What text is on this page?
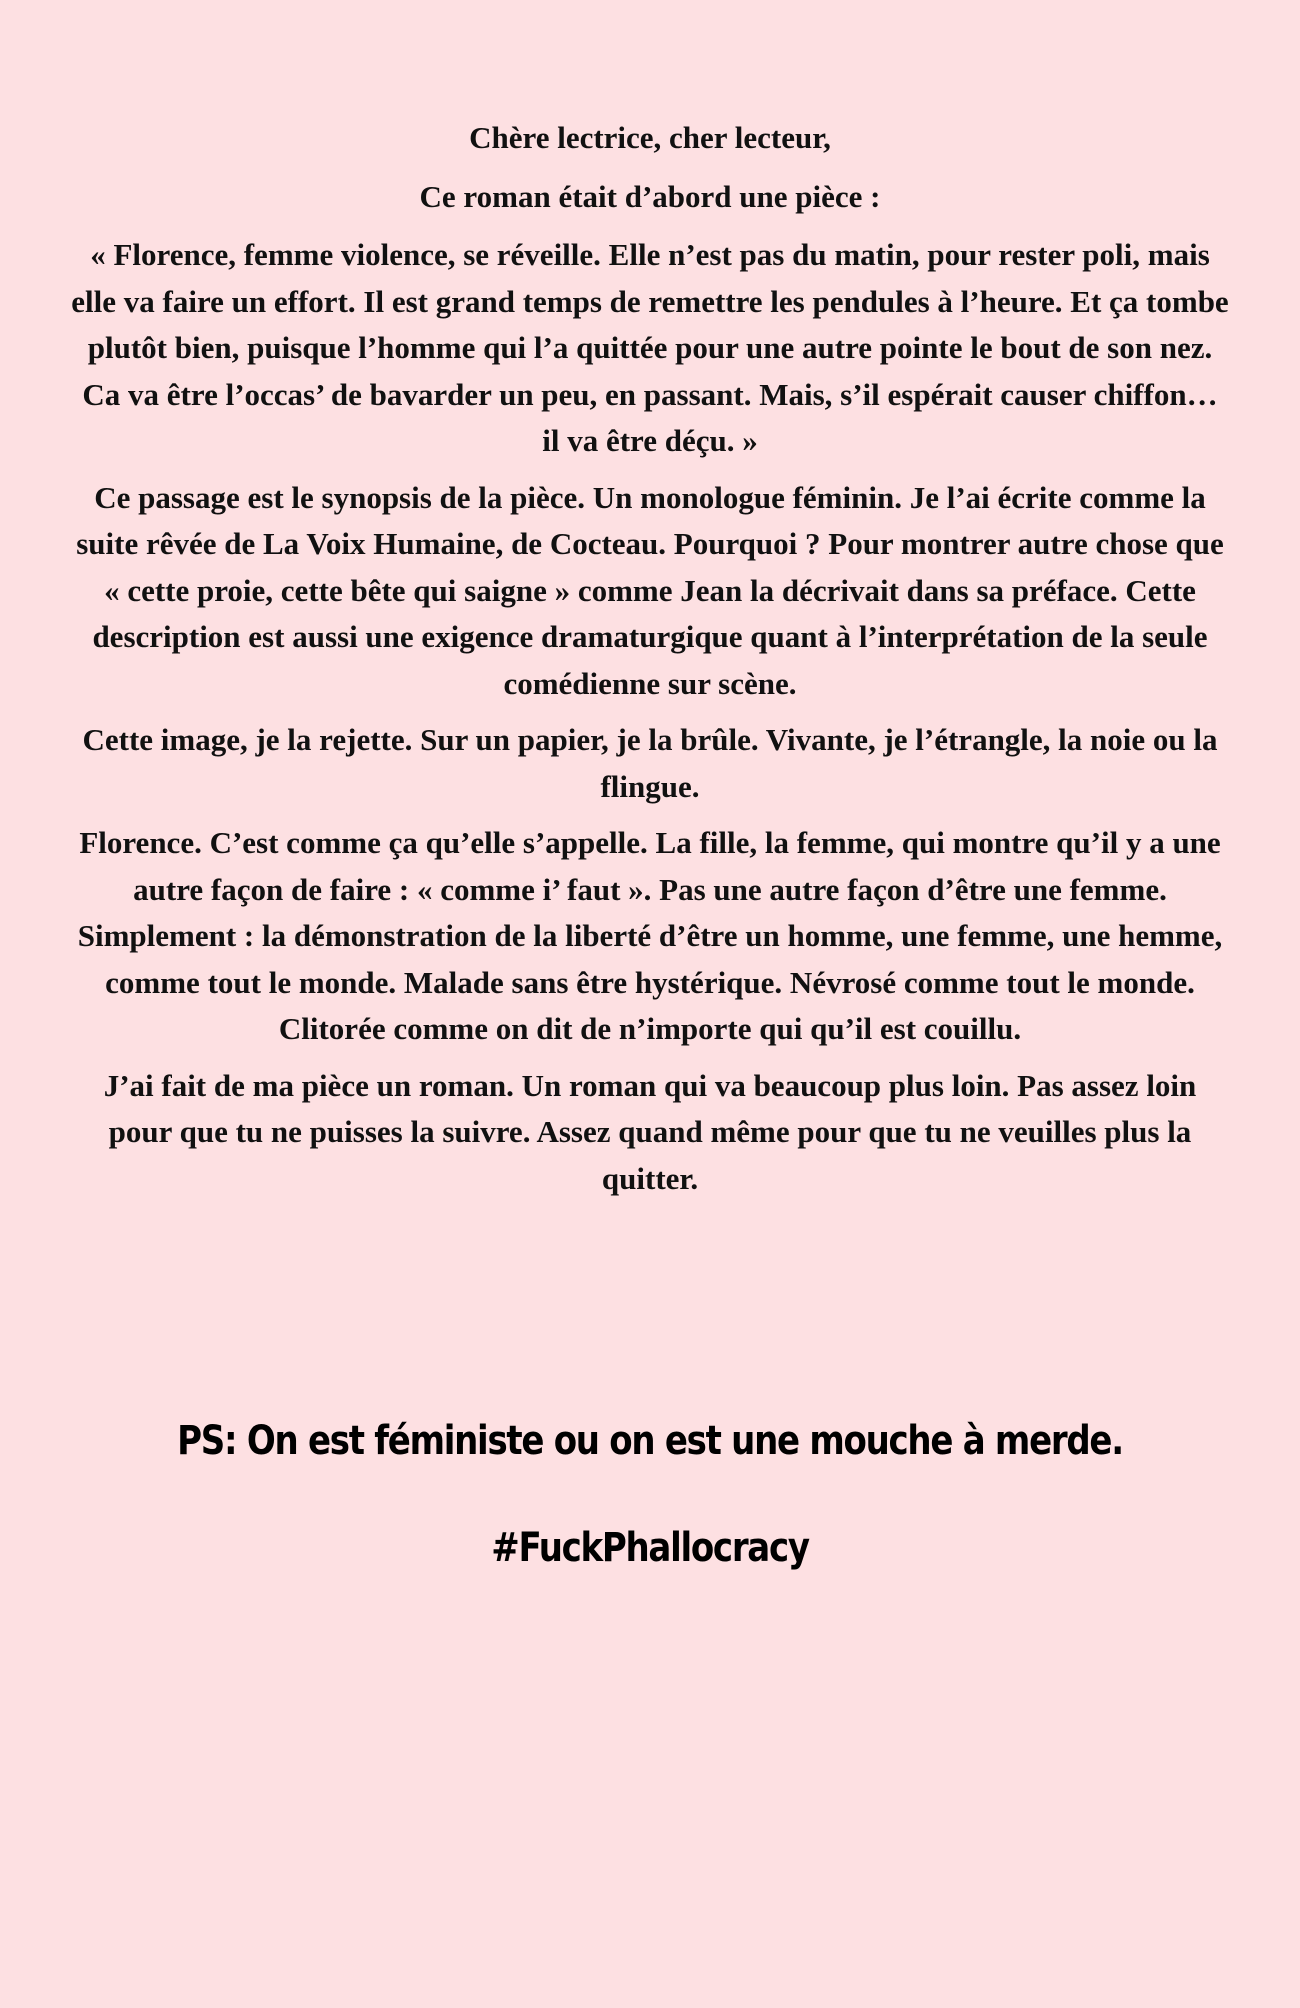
Chère lectrice, cher lecteur,

Ce roman était d’abord une pièce :

« Florence, femme violence, se réveille. Elle n’est pas du matin, pour rester poli, mais elle va faire un effort. Il est grand temps de remettre les pendules à l’heure. Et ça tombe plutôt bien, puisque l’homme qui l’a quittée pour une autre pointe le bout de son nez. Ca va être l’occas’ de bavarder un peu, en passant. Mais, s’il espérait causer chiffon… il va être déçu. »

Ce passage est le synopsis de la pièce. Un monologue féminin. Je l’ai écrite comme la suite rêvée de La Voix Humaine, de Cocteau. Pourquoi ? Pour montrer autre chose que « cette proie, cette bête qui saigne » comme Jean la décrivait dans sa préface. Cette description est aussi une exigence dramaturgique quant à l’interprétation de la seule comédienne sur scène.

Cette image, je la rejette. Sur un papier, je la brûle. Vivante, je l’étrangle, la noie ou la flingue.

Florence. C’est comme ça qu’elle s’appelle. La fille, la femme, qui montre qu’il y a une autre façon de faire : « comme i’ faut ». Pas une autre façon d’être une femme. Simplement : la démonstration de la liberté d’être un homme, une femme, une hemme, comme tout le monde. Malade sans être hystérique. Névrosé comme tout le monde. Clitorée comme on dit de n’importe qui qu’il est couillu.

J’ai fait de ma pièce un roman. Un roman qui va beaucoup plus loin. Pas assez loin pour que tu ne puisses la suivre. Assez quand même pour que tu ne veuilles plus la quitter.

PS: On est féministe ou on est une mouche à merde.
#FuckPhallocracy
